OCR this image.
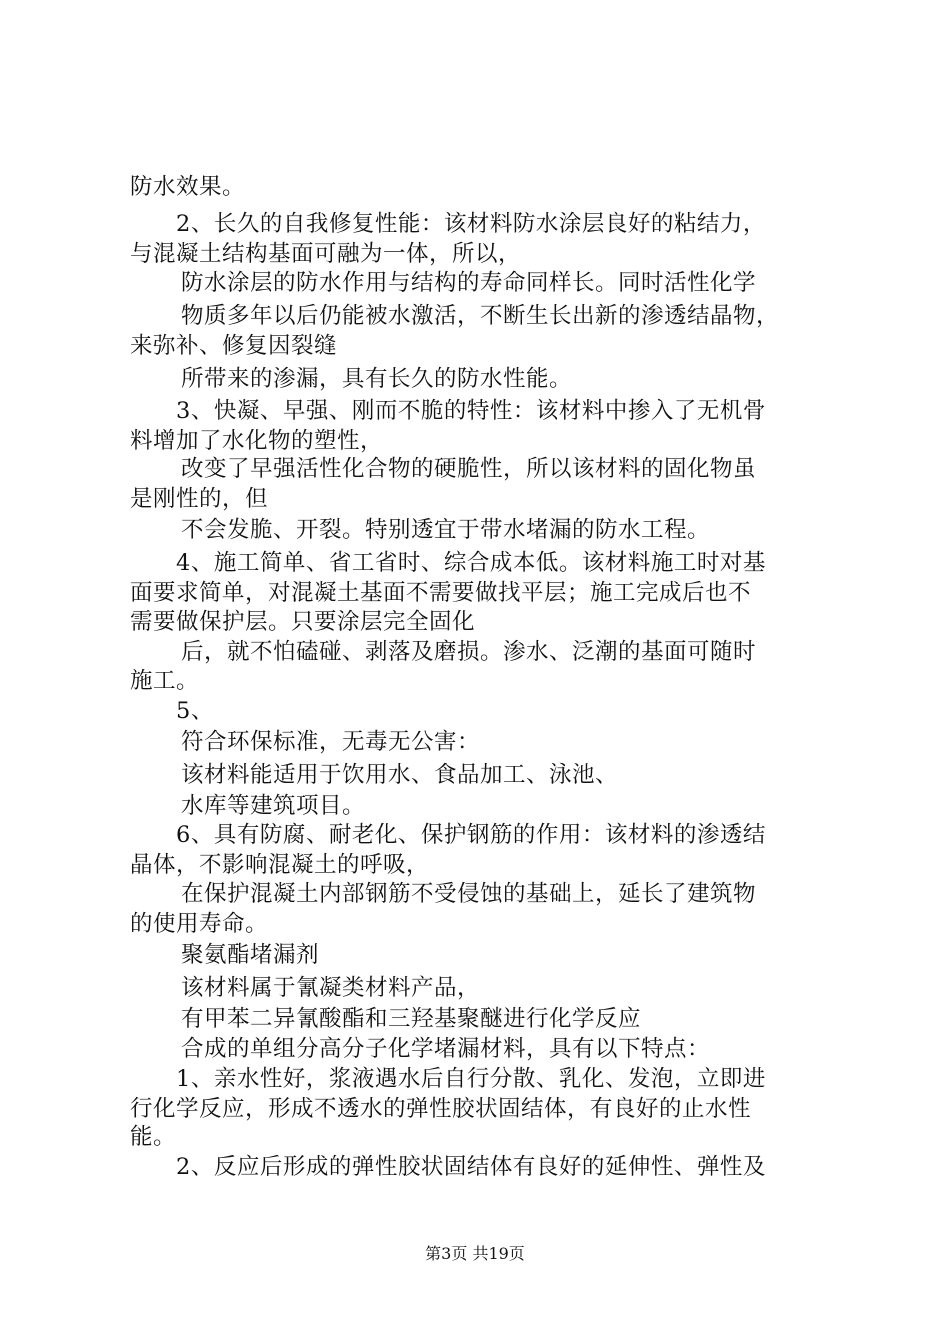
防水效果。
2、长久的自我修复性能：该材料防水涂层良好的粘结力，
与混凝土结构基面可融为一体，所以，
防水涂层的防水作用与结构的寿命同样长。同时活性化学
物质多年以后仍能被水激活，不断生长出新的渗透结晶物，
来弥补、修复因裂缝
所带来的渗漏，具有长久的防水性能。
3、快凝、早强、刚而不脆的特性：该材料中掺入了无机骨
料增加了水化物的塑性，
改变了早强活性化合物的硬脆性，所以该材料的固化物虽
是刚性的，但
不会发脆、开裂。特别透宜于带水堵漏的防水工程。
4、施工简单、省工省时、综合成本低。该材料施工时对基
面要求简单，对混凝土基面不需要做找平层；施工完成后也不
需要做保护层。只要涂层完全固化
后，就不怕磕碰、剥落及磨损。渗水、泛潮的基面可随时
施工。
5、
符合环保标准，无毒无公害：
该材料能适用于饮用水、食品加工、泳池、
水库等建筑项目。
6、具有防腐、耐老化、保护钢筋的作用：该材料的渗透结
晶体，不影响混凝土的呼吸，
在保护混凝土内部钢筋不受侵蚀的基础上，延长了建筑物
的使用寿命。
聚氨酯堵漏剂
该材料属于氰凝类材料产品，
有甲苯二异氰酸酯和三羟基聚醚进行化学反应
合成的单组分高分子化学堵漏材料，具有以下特点：
1、亲水性好，浆液遇水后自行分散、乳化、发泡，立即进
行化学反应，形成不透水的弹性胶状固结体，有良好的止水性
能。
2、反应后形成的弹性胶状固结体有良好的延伸性、弹性及
第3页 共19页
